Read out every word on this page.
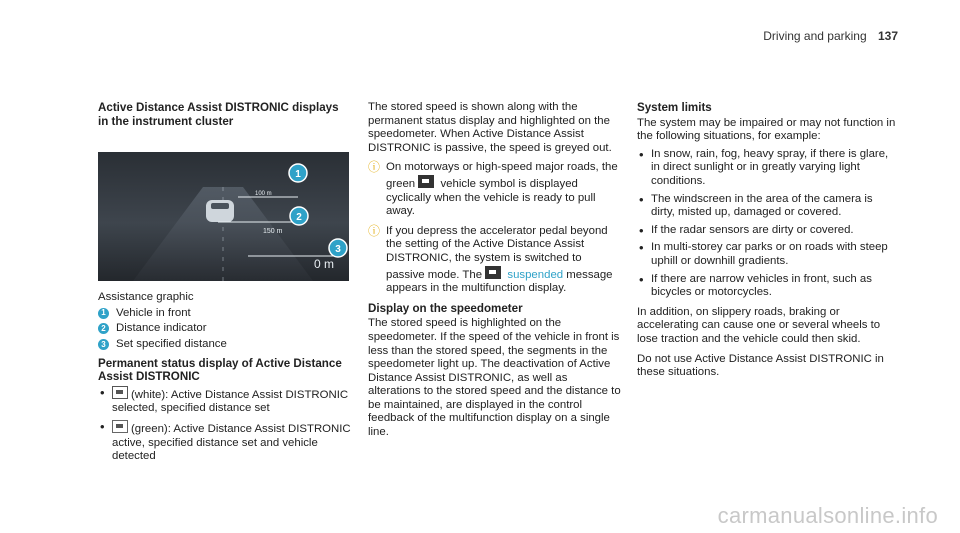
Driving and parking 137
Active Distance Assist DISTRONIC displays in the instrument cluster
100 m
150 m
0 m
1
2
3

Assistance graphic

1 Vehicle in front
2 Distance indicator
3 Set specified distance
Permanent status display of Active Distance Assist DISTRONIC
• (white): Active Distance Assist DISTRONIC selected, specified distance set
• (green): Active Distance Assist DISTRONIC active, specified distance set and vehicle detected

The stored speed is shown along with the permanent status display and highlighted on the speedometer. When Active Distance Assist DISTRONIC is passive, the speed is greyed out.

ⓘ On motorways or high-speed major roads, the green vehicle symbol is displayed cyclically when the vehicle is ready to pull away.
ⓘ If you depress the accelerator pedal beyond the setting of the Active Distance Assist DISTRONIC, the system is switched to passive mode. The suspended message appears in the multifunction display.
Display on the speedometer

The stored speed is highlighted on the speedometer. If the speed of the vehicle in front is less than the stored speed, the segments in the speedometer light up. The deactivation of Active Distance Assist DISTRONIC, as well as alterations to the stored speed and the distance to be maintained, are displayed in the control feedback of the multifunction display on a single line.

System limits

The system may be impaired or may not function in the following situations, for example:

• In snow, rain, fog, heavy spray, if there is glare, in direct sunlight or in greatly varying light conditions.
• The windscreen in the area of the camera is dirty, misted up, damaged or covered.
• If the radar sensors are dirty or covered.
• In multi-storey car parks or on roads with steep uphill or downhill gradients.
• If there are narrow vehicles in front, such as bicycles or motorcycles.

In addition, on slippery roads, braking or accelerating can cause one or several wheels to lose traction and the vehicle could then skid.

Do not use Active Distance Assist DISTRONIC in these situations.

carmanualsonline.info
